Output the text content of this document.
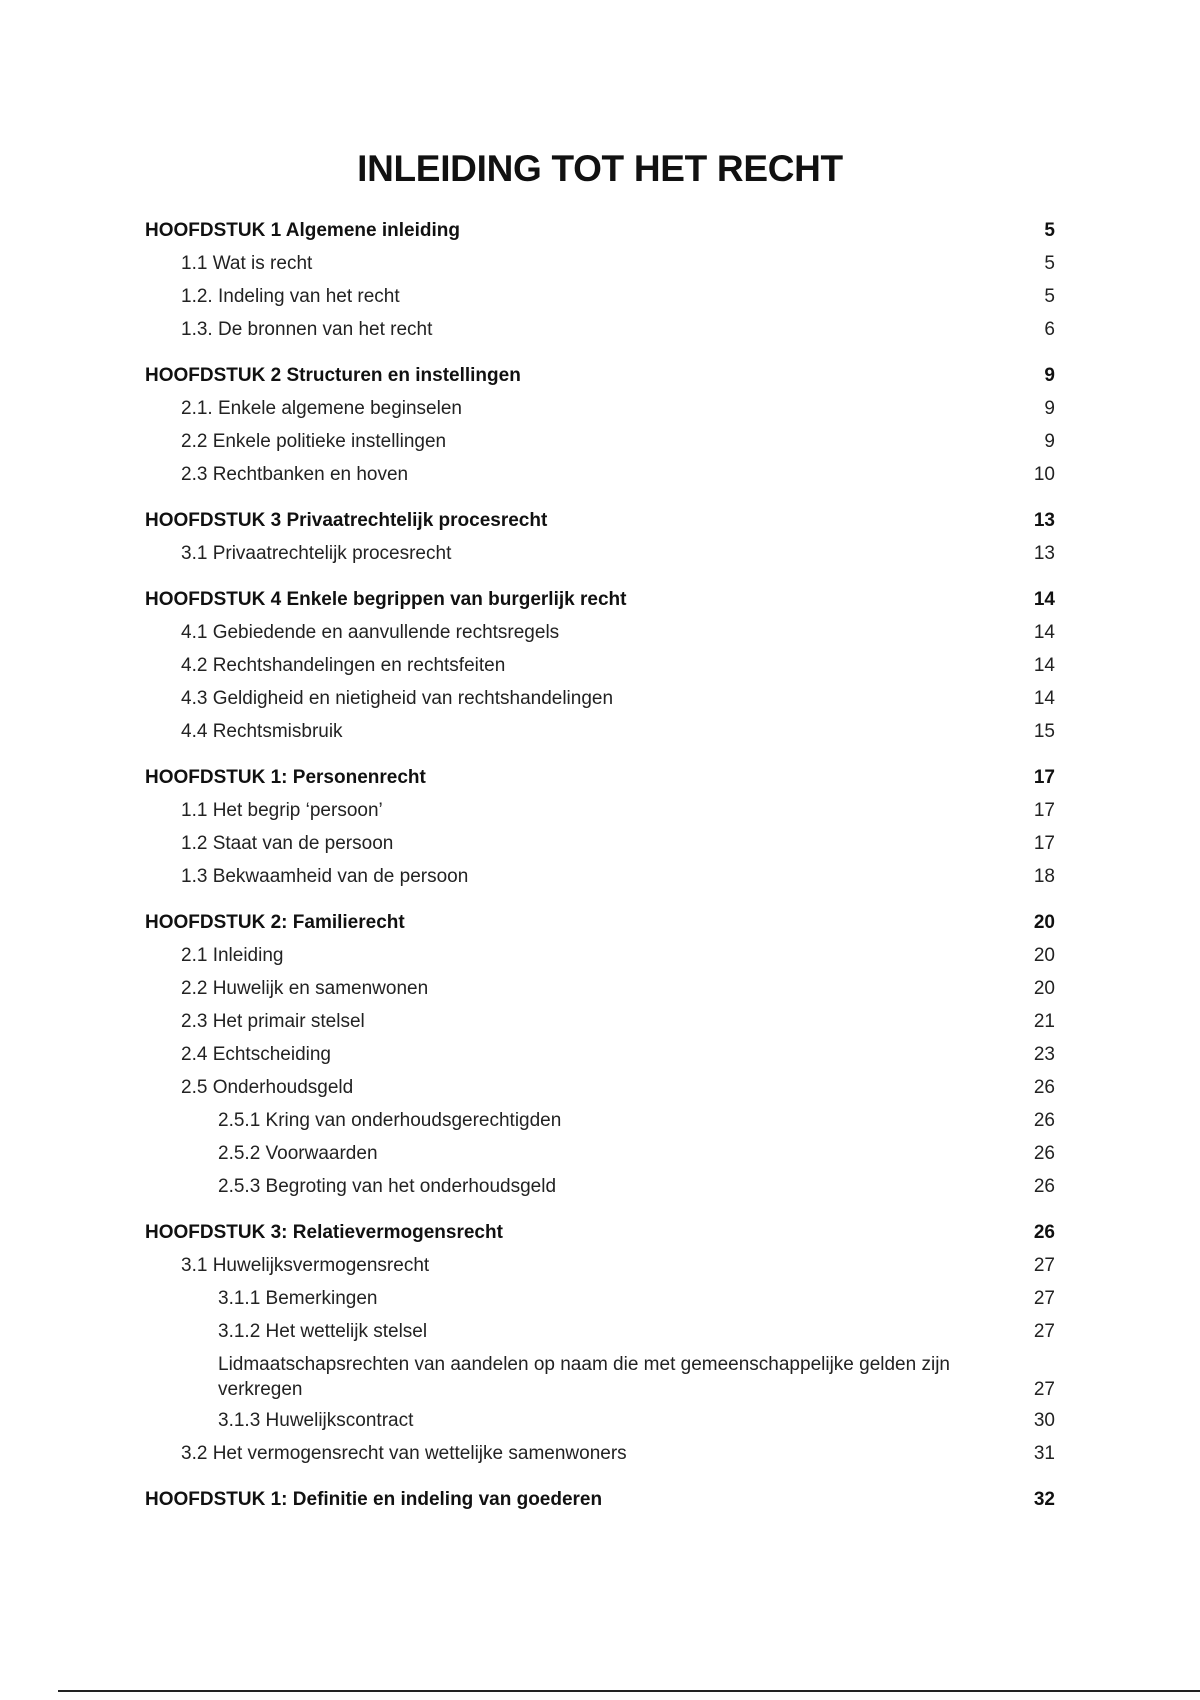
INLEIDING TOT HET RECHT
HOOFDSTUK 1 Algemene inleiding	5
1.1 Wat is recht	5
1.2. Indeling van het recht	5
1.3. De bronnen van het recht	6
HOOFDSTUK 2 Structuren en instellingen	9
2.1. Enkele algemene beginselen	9
2.2 Enkele politieke instellingen	9
2.3 Rechtbanken en hoven	10
HOOFDSTUK 3 Privaatrechtelijk procesrecht	13
3.1 Privaatrechtelijk procesrecht	13
HOOFDSTUK 4 Enkele begrippen van burgerlijk recht	14
4.1 Gebiedende en aanvullende rechtsregels	14
4.2 Rechtshandelingen en rechtsfeiten	14
4.3 Geldigheid en nietigheid van rechtshandelingen	14
4.4 Rechtsmisbruik	15
HOOFDSTUK 1: Personenrecht	17
1.1 Het begrip ‘persoon’	17
1.2 Staat van de persoon	17
1.3 Bekwaamheid van de persoon	18
HOOFDSTUK 2: Familierecht	20
2.1 Inleiding	20
2.2 Huwelijk en samenwonen	20
2.3 Het primair stelsel	21
2.4 Echtscheiding	23
2.5 Onderhoudsgeld	26
2.5.1 Kring van onderhoudsgerechtigden	26
2.5.2 Voorwaarden	26
2.5.3 Begroting van het onderhoudsgeld	26
HOOFDSTUK 3: Relatievermogensrecht	26
3.1 Huwelijksvermogensrecht	27
3.1.1 Bemerkingen	27
3.1.2 Het wettelijk stelsel	27
Lidmaatschapsrechten van aandelen op naam die met gemeenschappelijke gelden zijn verkregen	27
3.1.3 Huwelijkscontract	30
3.2 Het vermogensrecht van wettelijke samenwoners	31
HOOFDSTUK 1: Definitie en indeling van goederen	32
